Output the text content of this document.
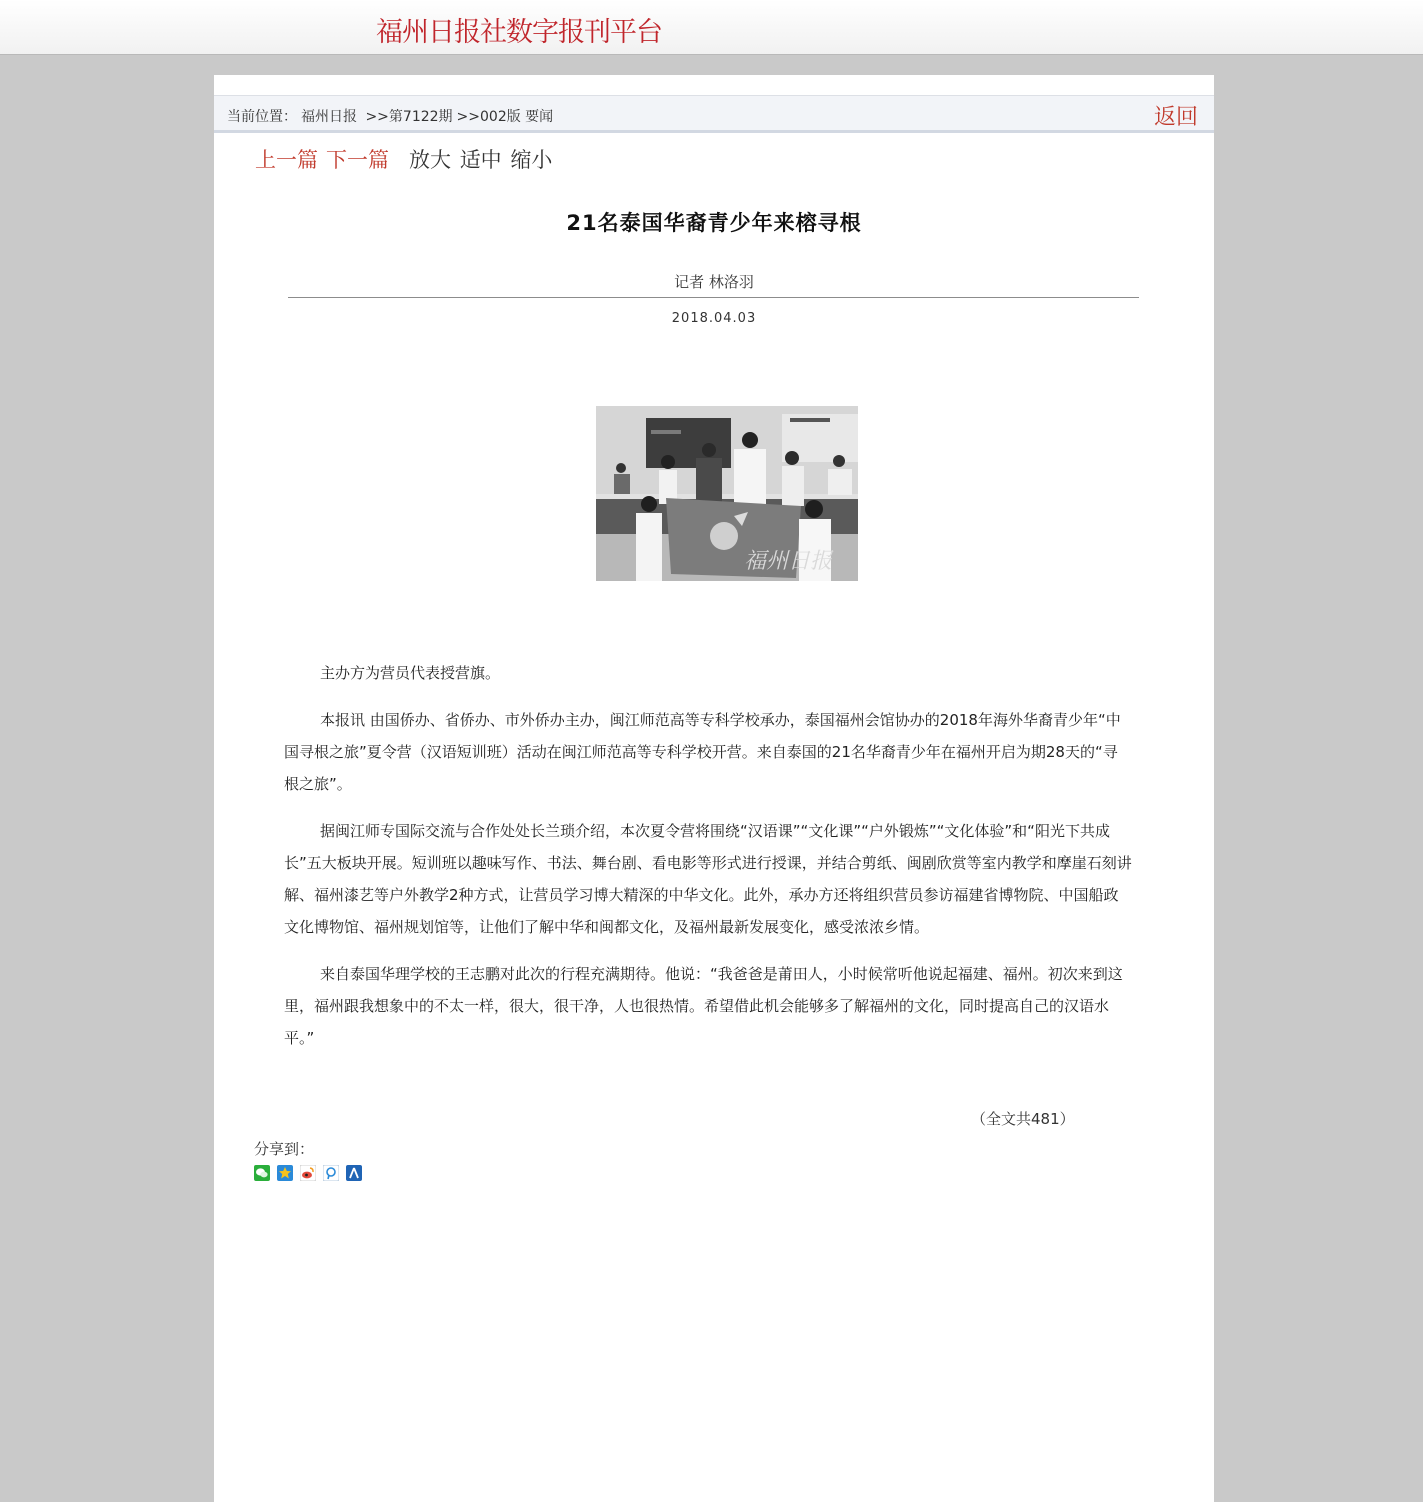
福州日报社数字报刊平台
当前位置： 福州日报 >>第7122期 >>002版 要闻	返回
上一篇 下一篇 放大 适中 缩小
21名泰国华裔青少年来榕寻根
记者 林洛羽
2018.04.03
福州日报

主办方为营员代表授营旗。

本报讯 由国侨办、省侨办、市外侨办主办，闽江师范高等专科学校承办，泰国福州会馆协办的2018年海外华裔青少年“中国寻根之旅”夏令营（汉语短训班）活动在闽江师范高等专科学校开营。来自泰国的21名华裔青少年在福州开启为期28天的“寻根之旅”。

据闽江师专国际交流与合作处处长兰琐介绍，本次夏令营将围绕“汉语课”“文化课”“户外锻炼”“文化体验”和“阳光下共成长”五大板块开展。短训班以趣味写作、书法、舞台剧、看电影等形式进行授课，并结合剪纸、闽剧欣赏等室内教学和摩崖石刻讲解、福州漆艺等户外教学2种方式，让营员学习博大精深的中华文化。此外，承办方还将组织营员参访福建省博物院、中国船政文化博物馆、福州规划馆等，让他们了解中华和闽都文化，及福州最新发展变化，感受浓浓乡情。

来自泰国华理学校的王志鹏对此次的行程充满期待。他说：“我爸爸是莆田人，小时候常听他说起福建、福州。初次来到这里，福州跟我想象中的不太一样，很大，很干净，人也很热情。希望借此机会能够多了解福州的文化，同时提高自己的汉语水平。”

（全文共481）
分享到：
